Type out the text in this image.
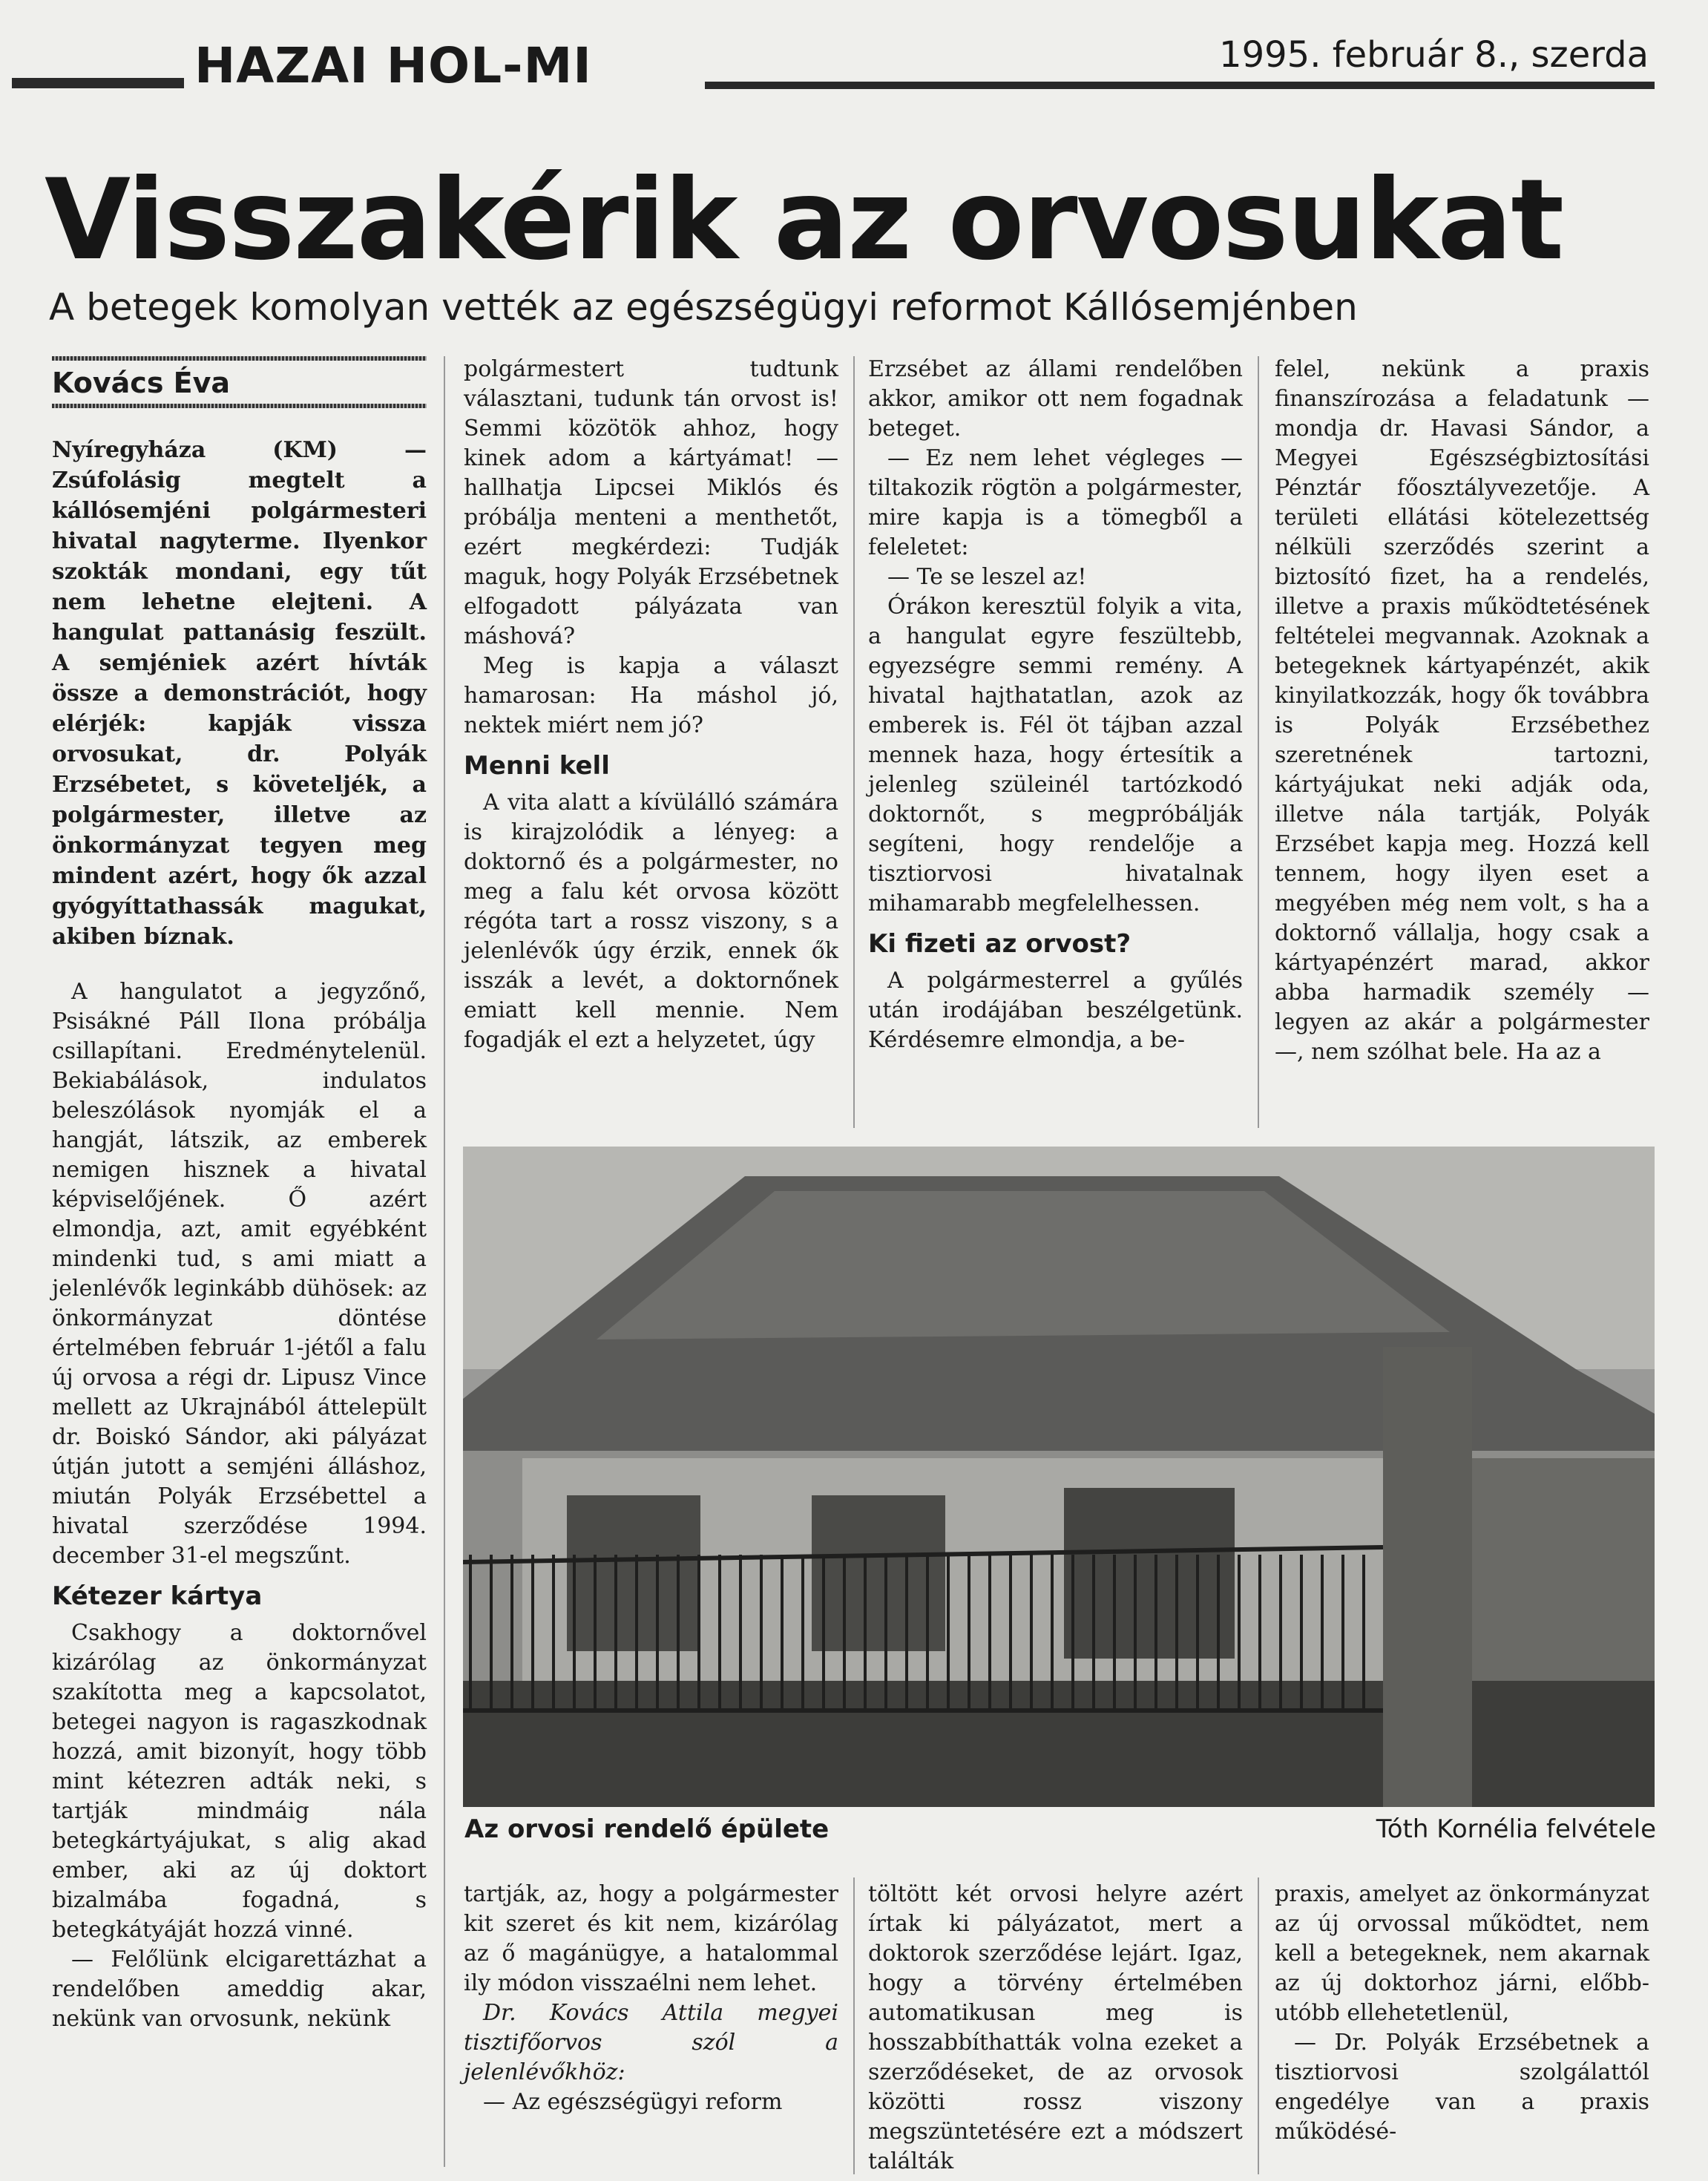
HAZAI HOL-MI	1995. február 8., szerda
Visszakérik az orvosukat
A betegek komolyan vették az egészségügyi reformot Kállósemjénben
Kovács Éva

Nyíregyháza (KM) — Zsúfolásig megtelt a kállósemjéni polgármesteri hivatal nagyterme. Ilyenkor szokták mondani, egy tűt nem lehetne elejteni. A hangulat pattanásig feszült. A semjéniek azért hívták össze a demonstrációt, hogy elérjék: kapják vissza orvosukat, dr. Polyák Erzsébetet, s követeljék, a polgármester, illetve az önkormányzat tegyen meg mindent azért, hogy ők azzal gyógyíttathassák magukat, akiben bíznak.

A hangulatot a jegyzőnő, Psisákné Páll Ilona próbálja csillapítani. Eredménytelenül. Bekiabálások, indulatos beleszólások nyomják el a hangját, látszik, az emberek nemigen hisznek a hivatal képviselőjének. Ő azért elmondja, azt, amit egyébként mindenki tud, s ami miatt a jelenlévők leginkább dühösek: az önkormányzat döntése értelmében február 1-jétől a falu új orvosa a régi dr. Lipusz Vince mellett az Ukrajnából áttelepült dr. Boiskó Sándor, aki pályázat útján jutott a semjéni álláshoz, miután Polyák Erzsébettel a hivatal szerződése 1994. december 31-el megszűnt.

Kétezer kártya

Csakhogy a doktornővel kizárólag az önkormányzat szakította meg a kapcsolatot, betegei nagyon is ragaszkodnak hozzá, amit bizonyít, hogy több mint kétezren adták neki, s tartják mindmáig nála betegkártyájukat, s alig akad ember, aki az új doktort bizalmába fogadná, s betegkátyáját hozzá vinné.

— Felőlünk elcigarettázhat a rendelőben ameddig akar, nekünk van orvosunk, nekünk

polgármestert tudtunk választani, tudunk tán orvost is! Semmi közötök ahhoz, hogy kinek adom a kártyámat! — hallhatja Lipcsei Miklós és próbálja menteni a menthetőt, ezért megkérdezi: Tudják maguk, hogy Polyák Erzsébetnek elfogadott pályázata van máshová?

Meg is kapja a választ hamarosan: Ha máshol jó, nektek miért nem jó?

Menni kell

A vita alatt a kívülálló számára is kirajzolódik a lényeg: a doktornő és a polgármester, no meg a falu két orvosa között régóta tart a rossz viszony, s a jelenlévők úgy érzik, ennek ők isszák a levét, a doktornőnek emiatt kell mennie. Nem fogadják el ezt a helyzetet, úgy

Erzsébet az állami rendelőben akkor, amikor ott nem fogadnak beteget.

— Ez nem lehet végleges — tiltakozik rögtön a polgármester, mire kapja is a tömegből a feleletet:

— Te se leszel az!

Órákon keresztül folyik a vita, a hangulat egyre feszültebb, egyezségre semmi remény. A hivatal hajthatatlan, azok az emberek is. Fél öt tájban azzal mennek haza, hogy értesítik a jelenleg szüleinél tartózkodó doktornőt, s megpróbálják segíteni, hogy rendelője a tisztiorvosi hivatalnak mihamarabb megfelelhessen.

Ki fizeti az orvost?

A polgármesterrel a gyűlés után irodájában beszélgetünk. Kérdésemre elmondja, a be-

felel, nekünk a praxis finanszírozása a feladatunk — mondja dr. Havasi Sándor, a Megyei Egészségbiztosítási Pénztár főosztályvezetője. A területi ellátási kötelezettség nélküli szerződés szerint a biztosító fizet, ha a rendelés, illetve a praxis működtetésének feltételei megvannak. Azoknak a betegeknek kártyapénzét, akik kinyilatkozzák, hogy ők továbbra is Polyák Erzsébethez szeretnének tartozni, kártyájukat neki adják oda, illetve nála tartják, Polyák Erzsébet kapja meg. Hozzá kell tennem, hogy ilyen eset a megyében még nem volt, s ha a doktornő vállalja, hogy csak a kártyapénzért marad, akkor abba harmadik személy — legyen az akár a polgármester —, nem szólhat bele. Ha az a

Az orvosi rendelő épülete	Tóth Kornélia felvétele

tartják, az, hogy a polgármester kit szeret és kit nem, kizárólag az ő magánügye, a hatalommal ily módon visszaélni nem lehet.

Dr. Kovács Attila megyei tisztifőorvos szól a jelenlévőkhöz:

— Az egészségügyi reform

töltött két orvosi helyre azért írtak ki pályázatot, mert a doktorok szerződése lejárt. Igaz, hogy a törvény értelmében automatikusan meg is hosszabbíthatták volna ezeket a szerződéseket, de az orvosok közötti rossz viszony megszüntetésére ezt a módszert találták

praxis, amelyet az önkormányzat az új orvossal működtet, nem kell a betegeknek, nem akarnak az új doktorhoz járni, előbb-utóbb ellehetetlenül,

— Dr. Polyák Erzsébetnek a tisztiorvosi szolgálattól engedélye van a praxis működésé-
